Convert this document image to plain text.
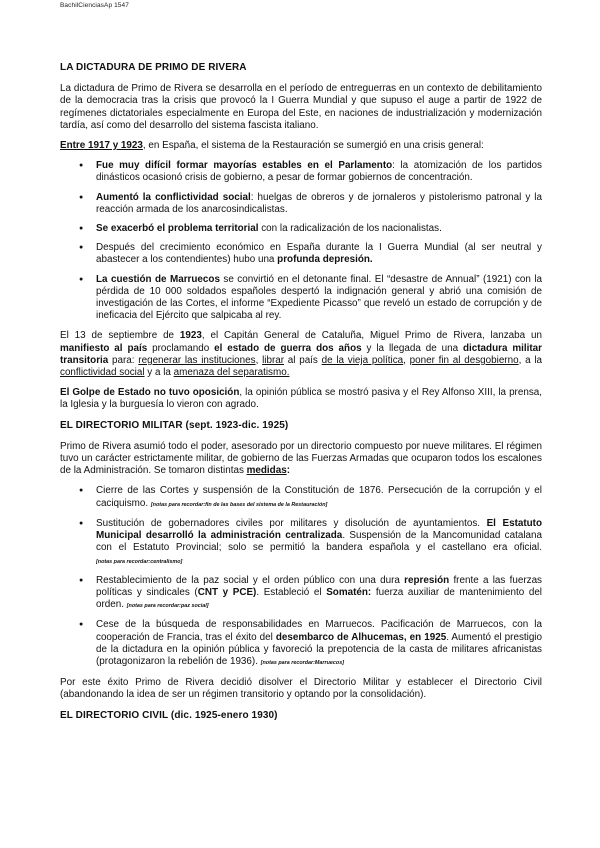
BachilCienciasAp 1547
LA DICTADURA DE PRIMO DE RIVERA

La dictadura de Primo de Rivera se desarrolla en el período de entreguerras en un contexto de debilitamiento de la democracia tras la crisis que provocó la I Guerra Mundial y que supuso el auge a partir de 1922 de regímenes dictatoriales especialmente en Europa del Este, en naciones de industrialización y modernización tardía, así como del desarrollo del sistema fascista italiano.

Entre 1917 y 1923, en España, el sistema de la Restauración se sumergió en una crisis general:

● Fue muy difícil formar mayorías estables en el Parlamento: la atomización de los partidos dinásticos ocasionó crisis de gobierno, a pesar de formar gobiernos de concentración.
● Aumentó la conflictividad social: huelgas de obreros y de jornaleros y pistolerismo patronal y la reacción armada de los anarcosindicalistas.
● Se exacerbó el problema territorial con la radicalización de los nacionalistas.
● Después del crecimiento económico en España durante la I Guerra Mundial (al ser neutral y abastecer a los contendientes) hubo una profunda depresión.
● La cuestión de Marruecos se convirtió en el detonante final. El “desastre de Annual” (1921) con la pérdida de 10 000 soldados españoles despertó la indignación general y abrió una comisión de investigación de las Cortes, el informe “Expediente Picasso” que reveló un estado de corrupción y de ineficacia del Ejército que salpicaba al rey.

El 13 de septiembre de 1923, el Capitán General de Cataluña, Miguel Primo de Rivera, lanzaba un manifiesto al país proclamando el estado de guerra dos años y la llegada de una dictadura militar transitoria para: regenerar las instituciones, librar al país de la vieja política, poner fin al desgobierno, a la conflictividad social y a la amenaza del separatismo.

El Golpe de Estado no tuvo oposición, la opinión pública se mostró pasiva y el Rey Alfonso XIII, la prensa, la Iglesia y la burguesía lo vieron con agrado.

EL DIRECTORIO MILITAR (sept. 1923-dic. 1925)

Primo de Rivera asumió todo el poder, asesorado por un directorio compuesto por nueve militares. El régimen tuvo un carácter estrictamente militar, de gobierno de las Fuerzas Armadas que ocuparon todos los escalones de la Administración. Se tomaron distintas medidas:

● Cierre de las Cortes y suspensión de la Constitución de 1876. Persecución de la corrupción y el caciquismo. [notas para recordar:fin de las bases del sistema de la Restauración]
● Sustitución de gobernadores civiles por militares y disolución de ayuntamientos. El Estatuto Municipal desarrolló la administración centralizada. Suspensión de la Mancomunidad catalana con el Estatuto Provincial; solo se permitió la bandera española y el castellano era oficial. [notas para recordar:centralismo]
● Restablecimiento de la paz social y el orden público con una dura represión frente a las fuerzas políticas y sindicales (CNT y PCE). Estableció el Somatén: fuerza auxiliar de mantenimiento del orden. [notas para recordar:paz social]
● Cese de la búsqueda de responsabilidades en Marruecos. Pacificación de Marruecos, con la cooperación de Francia, tras el éxito del desembarco de Alhucemas, en 1925. Aumentó el prestigio de la dictadura en la opinión pública y favoreció la prepotencia de la casta de militares africanistas (protagonizaron la rebelión de 1936). [notas para recordar:Marruecos]

Por este éxito Primo de Rivera decidió disolver el Directorio Militar y establecer el Directorio Civil (abandonando la idea de ser un régimen transitorio y optando por la consolidación).

EL DIRECTORIO CIVIL (dic. 1925-enero 1930)
